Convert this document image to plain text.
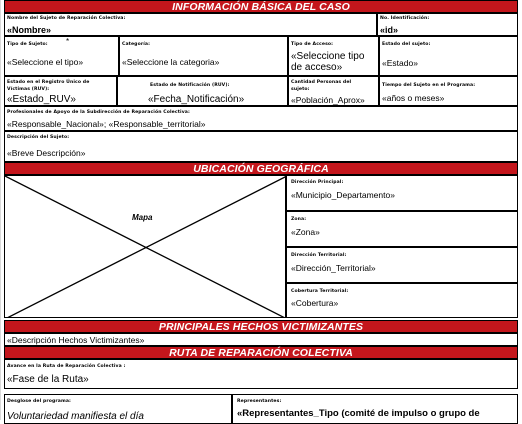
INFORMACIÓN BÁSICA DEL CASO
Nombre del Sujeto de Reparación Colectiva:
«Nombre»
No. Identificación:
«id»
Tipo de Sujeto: *
«Seleccione el tipo»
Categoría:
«Seleccione la categoria»
Tipo de Acceso:
«Seleccione tipo
de acceso»
Estado del sujeto:
«Estado»
Estado en el Registro Único de
Víctimas (RUV):
«Estado_RUV»
Estado de Notificación (RUV):
«Fecha_Notificación»
Cantidad Personas del
sujeto:
«Población_Aprox»
Tiempo del Sujeto en el Programa:
«años o meses»
Profesionales de Apoyo de la Subdirección de Reparación Colectiva:
«Responsable_Nacional»; «Responsable_territorial»
Descripción del Sujeto:
«Breve Descripción»
UBICACIÓN GEOGRÁFICA
Mapa
Dirección Principal:
«Municipio_Departamento»
Zona:
«Zona»
Dirección Territorial:
«Dirección_Territorial»
Cobertura Territorial:
«Cobertura»
PRINCIPALES HECHOS VICTIMIZANTES
«Descripción Hechos Victimizantes»
RUTA DE REPARACIÓN COLECTIVA
Avance en la Ruta de Reparación Colectiva :
«Fase de la Ruta»
Desglose del programa:
Voluntariedad manifiesta el día
Representantes:
«Representantes_Tipo (comité de impulso o grupo de
